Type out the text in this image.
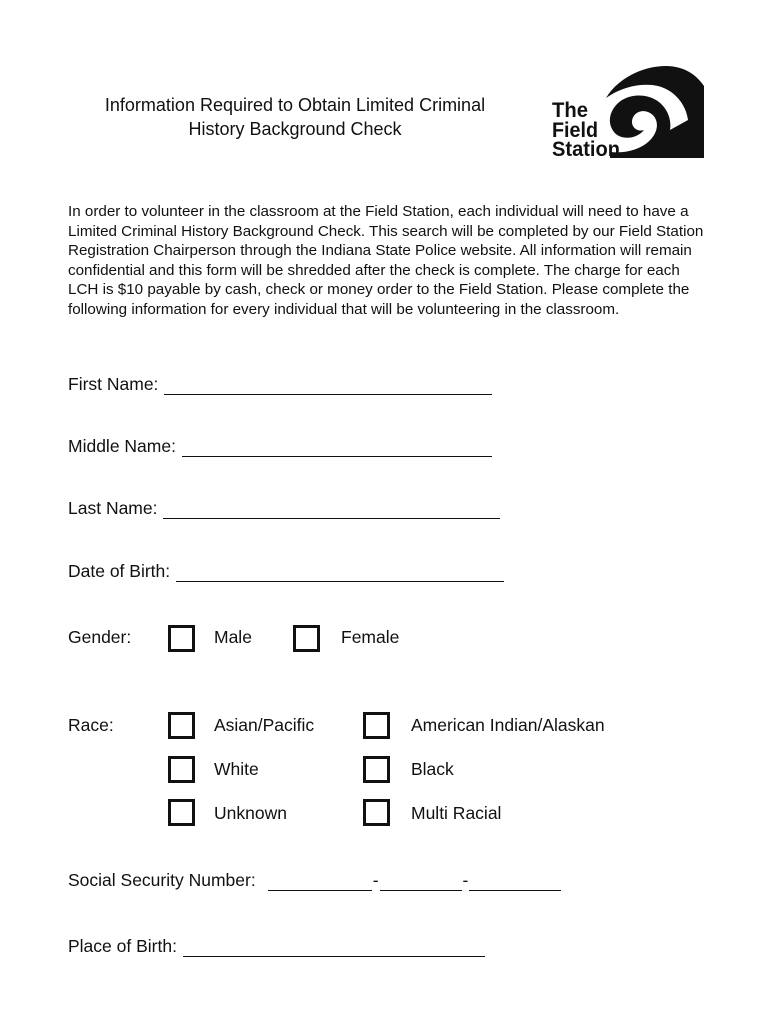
Information Required to Obtain Limited Criminal
History Background Check
The
Field
Station
In order to volunteer in the classroom at the Field Station, each individual will need to have a Limited Criminal History Background Check. This search will be completed by our Field Station Registration Chairperson through the Indiana State Police website. All information will remain confidential and this form will be shredded after the check is complete. The charge for each LCH is $10 payable by cash, check or money order to the Field Station. Please complete the following information for every individual that will be volunteering in the classroom.
First Name:
Middle Name:
Last Name:
Date of Birth:
Gender:	Male	Female
Race:	Asian/Pacific	American Indian/Alaskan
White	Black
Unknown	Multi Racial
Social Security Number:	-	-
Place of Birth:
